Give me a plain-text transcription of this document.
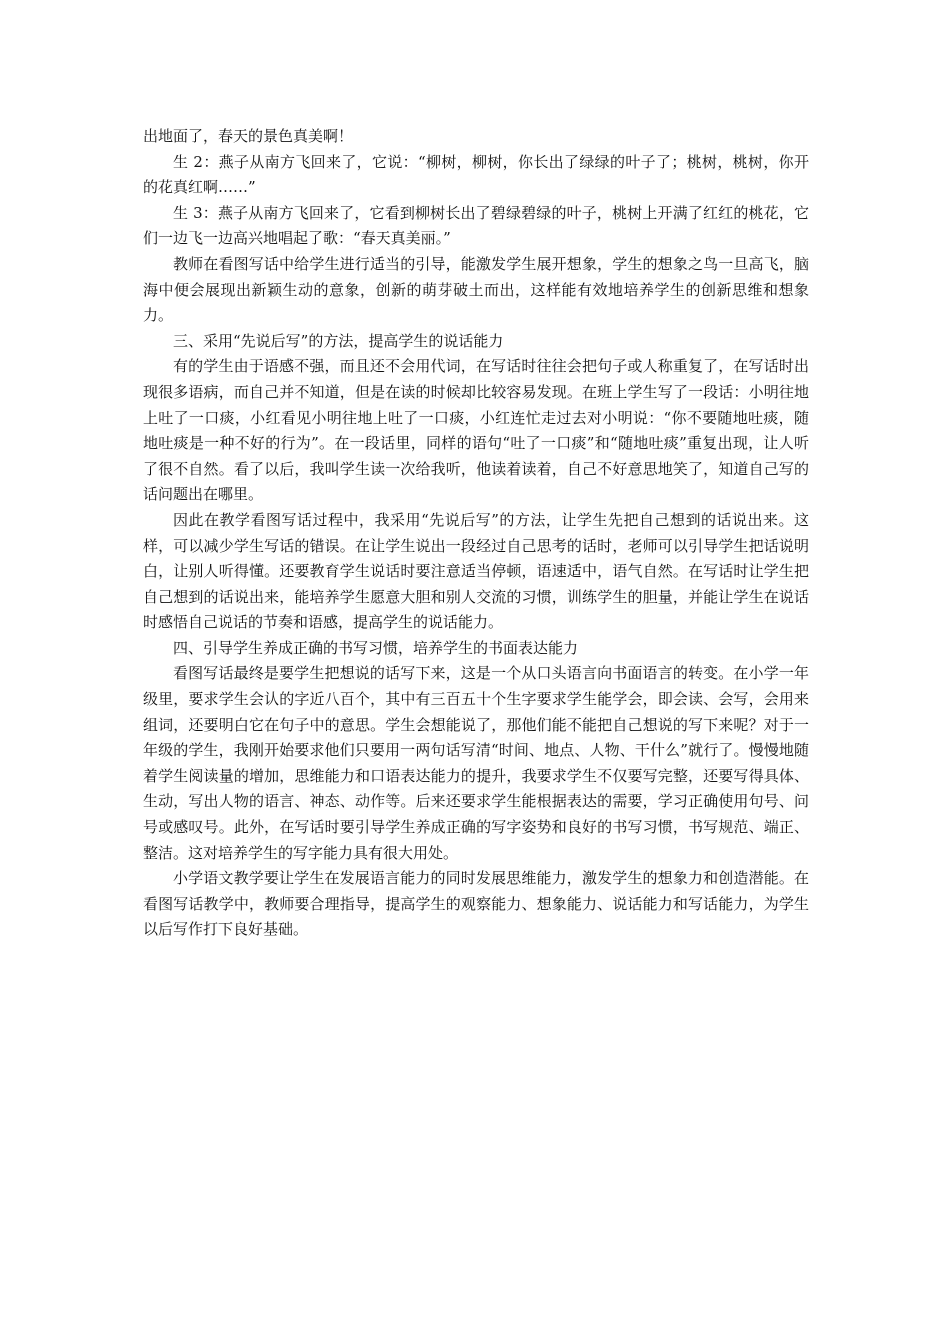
出地面了，春天的景色真美啊！

生 2：燕子从南方飞回来了，它说：“柳树，柳树，你长出了绿绿的叶子了；桃树，桃树，你开的花真红啊……”

生 3：燕子从南方飞回来了，它看到柳树长出了碧绿碧绿的叶子，桃树上开满了红红的桃花，它们一边飞一边高兴地唱起了歌：“春天真美丽。”

教师在看图写话中给学生进行适当的引导，能激发学生展开想象，学生的想象之鸟一旦高飞，脑海中便会展现出新颖生动的意象，创新的萌芽破土而出，这样能有效地培养学生的创新思维和想象力。

三、采用“先说后写”的方法，提高学生的说话能力

有的学生由于语感不强，而且还不会用代词，在写话时往往会把句子或人称重复了，在写话时出现很多语病，而自己并不知道，但是在读的时候却比较容易发现。在班上学生写了一段话：小明往地上吐了一口痰，小红看见小明往地上吐了一口痰，小红连忙走过去对小明说：“你不要随地吐痰，随地吐痰是一种不好的行为”。在一段话里，同样的语句“吐了一口痰”和“随地吐痰”重复出现，让人听了很不自然。看了以后，我叫学生读一次给我听，他读着读着，自己不好意思地笑了，知道自己写的话问题出在哪里。

因此在教学看图写话过程中，我采用“先说后写”的方法，让学生先把自己想到的话说出来。这样，可以减少学生写话的错误。在让学生说出一段经过自己思考的话时，老师可以引导学生把话说明白，让别人听得懂。还要教育学生说话时要注意适当停顿，语速适中，语气自然。在写话时让学生把自己想到的话说出来，能培养学生愿意大胆和别人交流的习惯，训练学生的胆量，并能让学生在说话时感悟自己说话的节奏和语感，提高学生的说话能力。

四、引导学生养成正确的书写习惯，培养学生的书面表达能力

看图写话最终是要学生把想说的话写下来，这是一个从口头语言向书面语言的转变。在小学一年级里，要求学生会认的字近八百个，其中有三百五十个生字要求学生能学会，即会读、会写，会用来组词，还要明白它在句子中的意思。学生会想能说了，那他们能不能把自己想说的写下来呢？对于一年级的学生，我刚开始要求他们只要用一两句话写清“时间、地点、人物、干什么”就行了。慢慢地随着学生阅读量的增加，思维能力和口语表达能力的提升，我要求学生不仅要写完整，还要写得具体、生动，写出人物的语言、神态、动作等。后来还要求学生能根据表达的需要，学习正确使用句号、问号或感叹号。此外，在写话时要引导学生养成正确的写字姿势和良好的书写习惯，书写规范、端正、整洁。这对培养学生的写字能力具有很大用处。

小学语文教学要让学生在发展语言能力的同时发展思维能力，激发学生的想象力和创造潜能。在看图写话教学中，教师要合理指导，提高学生的观察能力、想象能力、说话能力和写话能力，为学生以后写作打下良好基础。
